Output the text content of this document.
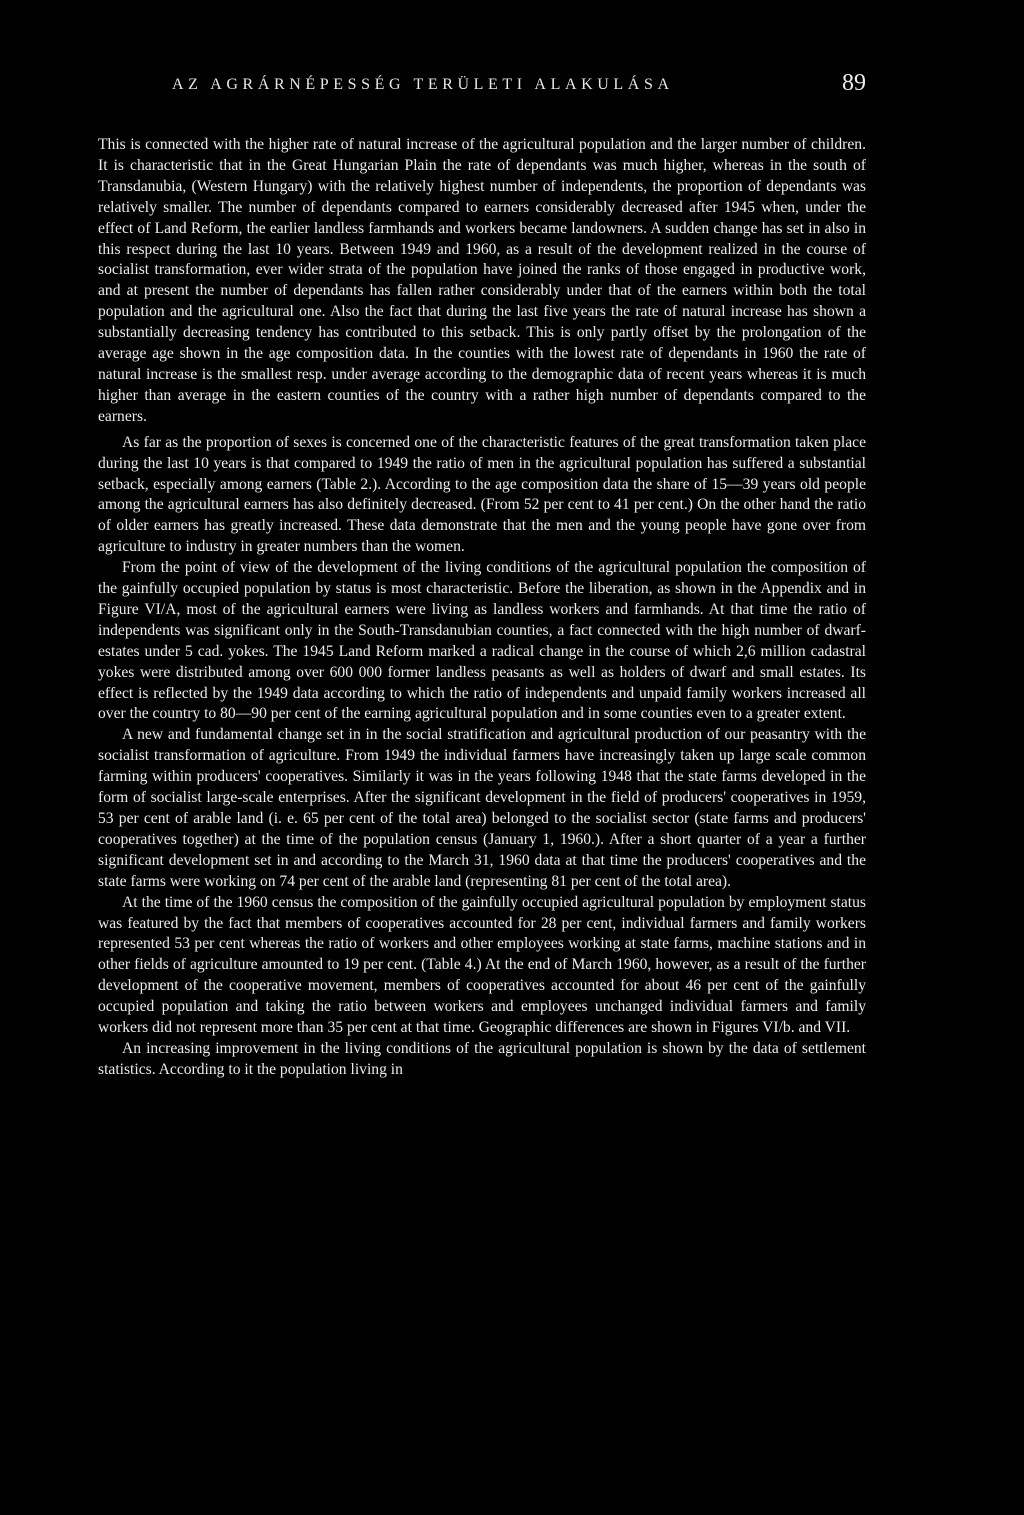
AZ AGRÁRNÉPESSÉG TERÜLETI ALAKULÁSA	89

This is connected with the higher rate of natural increase of the agricultural population and the larger number of children. It is characteristic that in the Great Hungarian Plain the rate of dependants was much higher, whereas in the south of Transdanubia, (Western Hungary) with the relatively highest number of independents, the proportion of dependants was relatively smaller. The number of dependants compared to earners considerably decreased after 1945 when, under the effect of Land Reform, the earlier landless farmhands and workers became landowners. A sudden change has set in also in this respect during the last 10 years. Between 1949 and 1960, as a result of the development realized in the course of socialist transformation, ever wider strata of the population have joined the ranks of those engaged in productive work, and at present the number of dependants has fallen rather considerably under that of the earners within both the total population and the agricultural one. Also the fact that during the last five years the rate of natural increase has shown a substantially decreasing tendency has contributed to this setback. This is only partly offset by the prolongation of the average age shown in the age composition data. In the counties with the lowest rate of dependants in 1960 the rate of natural increase is the smallest resp. under average according to the demographic data of recent years whereas it is much higher than average in the eastern counties of the country with a rather high number of dependants compared to the earners.

As far as the proportion of sexes is concerned one of the characteristic features of the great transformation taken place during the last 10 years is that compared to 1949 the ratio of men in the agricultural population has suffered a substantial setback, especially among earners (Table 2.). According to the age composition data the share of 15—39 years old people among the agricultural earners has also definitely decreased. (From 52 per cent to 41 per cent.) On the other hand the ratio of older earners has greatly increased. These data demonstrate that the men and the young people have gone over from agriculture to industry in greater numbers than the women.

From the point of view of the development of the living conditions of the agricultural population the composition of the gainfully occupied population by status is most characteristic. Before the liberation, as shown in the Appendix and in Figure VI/A, most of the agricultural earners were living as landless workers and farmhands. At that time the ratio of independents was significant only in the South-Transdanubian counties, a fact connected with the high number of dwarf-estates under 5 cad. yokes. The 1945 Land Reform marked a radical change in the course of which 2,6 million cadastral yokes were distributed among over 600 000 former landless peasants as well as holders of dwarf and small estates. Its effect is reflected by the 1949 data according to which the ratio of independents and unpaid family workers increased all over the country to 80—90 per cent of the earning agricultural population and in some counties even to a greater extent.

A new and fundamental change set in in the social stratification and agricultural production of our peasantry with the socialist transformation of agriculture. From 1949 the individual farmers have increasingly taken up large scale common farming within producers' cooperatives. Similarly it was in the years following 1948 that the state farms developed in the form of socialist large-scale enterprises. After the significant development in the field of producers' cooperatives in 1959, 53 per cent of arable land (i. e. 65 per cent of the total area) belonged to the socialist sector (state farms and producers' cooperatives together) at the time of the population census (January 1, 1960.). After a short quarter of a year a further significant development set in and according to the March 31, 1960 data at that time the producers' cooperatives and the state farms were working on 74 per cent of the arable land (representing 81 per cent of the total area).

At the time of the 1960 census the composition of the gainfully occupied agricultural population by employment status was featured by the fact that members of cooperatives accounted for 28 per cent, individual farmers and family workers represented 53 per cent whereas the ratio of workers and other employees working at state farms, machine stations and in other fields of agriculture amounted to 19 per cent. (Table 4.) At the end of March 1960, however, as a result of the further development of the cooperative movement, members of cooperatives accounted for about 46 per cent of the gainfully occupied population and taking the ratio between workers and employees unchanged individual farmers and family workers did not represent more than 35 per cent at that time. Geographic differences are shown in Figures VI/b. and VII.

An increasing improvement in the living conditions of the agricultural population is shown by the data of settlement statistics. According to it the population living in
